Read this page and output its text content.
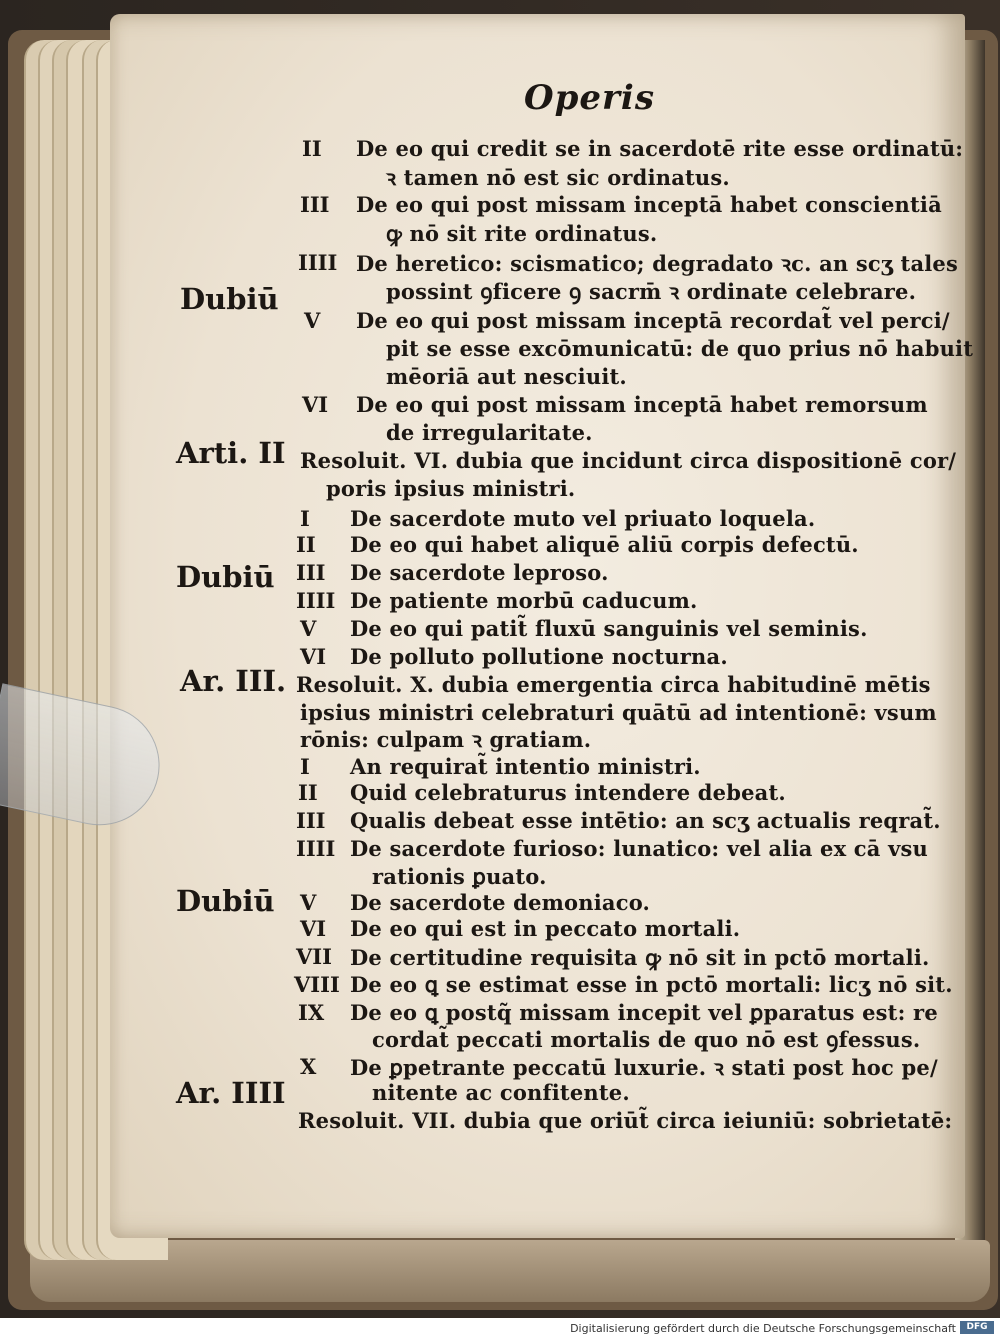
Operis
Dubiū
Arti. II
Dubiū
Ar. III.
Dubiū
Ar. IIII
II De eo qui credit se in sacerdotē rite esse ordinatū:
ꝛ tamen nō est sic ordinatus.
III De eo qui post missam inceptā habet conscientiā
ꝙ nō sit rite ordinatus.
IIII De heretico: scismatico; degradato ꝛc. an scʒ tales
possint ꝯficere ꝯ sacrm̄ ꝛ ordinate celebrare.
V De eo qui post missam inceptā recordat̃ vel perci/
pit se esse excōmunicatū: de quo prius nō habuit
mēoriā aut nesciuit.
VI De eo qui post missam inceptā habet remorsum
de irregularitate.
Resoluit. VI. dubia que incidunt circa dispositionē cor/
poris ipsius ministri.
I De sacerdote muto vel priuato loquela.
II De eo qui habet aliquē aliū corpis defectū.
III De sacerdote leproso.
IIII De patiente morbū caducum.
V De eo qui patit̃ fluxū sanguinis vel seminis.
VI De polluto pollutione nocturna.
Resoluit. X. dubia emergentia circa habitudinē mētis
ipsius ministri celebraturi quātū ad intentionē: vsum
rōnis: culpam ꝛ gratiam.
I An requirat̃ intentio ministri.
II Quid celebraturus intendere debeat.
III Qualis debeat esse intētio: an scʒ actualis reqrat̃.
IIII De sacerdote furioso: lunatico: vel alia ex cā vsu
rationis ꝑuato.
V De sacerdote demoniaco.
VI De eo qui est in peccato mortali.
VII De certitudine requisita ꝙ nō sit in pctō mortali.
VIII De eo ꝗ se estimat esse in pctō mortali: licʒ nō sit.
IX De eo ꝗ postq̃ missam incepit vel ꝑparatus est: re
cordat̃ peccati mortalis de quo nō est ꝯfessus.
X De ꝑpetrante peccatū luxurie. ꝛ stati post hoc pe/
nitente ac confitente.
Resoluit. VII. dubia que oriūt̃ circa ieiuniū: sobrietatē:
Digitalisierung gefördert durch die Deutsche Forschungsgemeinschaft	DFG
